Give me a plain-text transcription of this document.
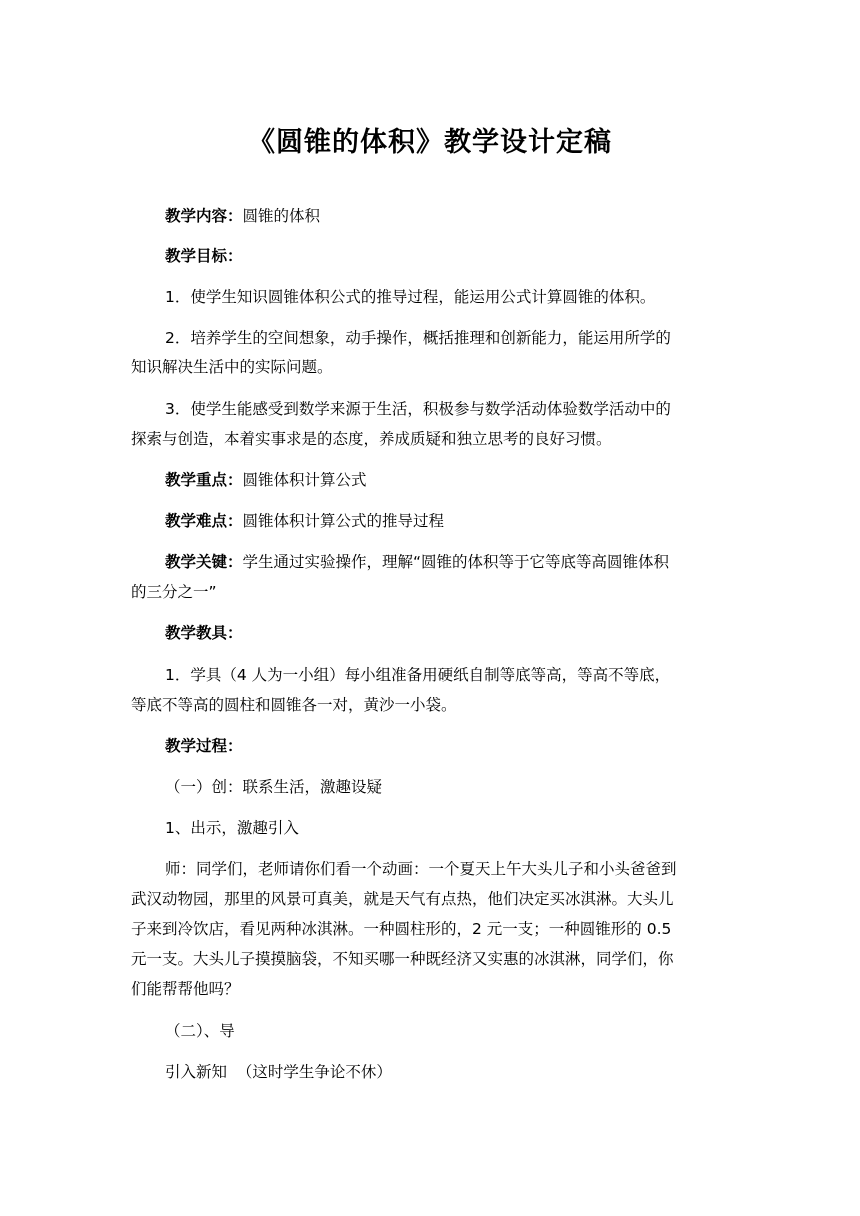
《圆锥的体积》教学设计定稿
教学内容：圆锥的体积
教学目标：
1．使学生知识圆锥体积公式的推导过程，能运用公式计算圆锥的体积。
2．培养学生的空间想象，动手操作，概括推理和创新能力，能运用所学的
知识解决生活中的实际问题。
3．使学生能感受到数学来源于生活，积极参与数学活动体验数学活动中的
探索与创造，本着实事求是的态度，养成质疑和独立思考的良好习惯。
教学重点：圆锥体积计算公式
教学难点：圆锥体积计算公式的推导过程
教学关键：学生通过实验操作，理解“圆锥的体积等于它等底等高圆锥体积
的三分之一”
教学教具：
1．学具（4 人为一小组）每小组准备用硬纸自制等底等高，等高不等底，
等底不等高的圆柱和圆锥各一对，黄沙一小袋。
教学过程：
（一）创：联系生活，激趣设疑
1、出示，激趣引入
师：同学们，老师请你们看一个动画：一个夏天上午大头儿子和小头爸爸到
武汉动物园，那里的风景可真美，就是天气有点热，他们决定买冰淇淋。大头儿
子来到冷饮店，看见两种冰淇淋。一种圆柱形的，2 元一支；一种圆锥形的 0.5
元一支。大头儿子摸摸脑袋，不知买哪一种既经济又实惠的冰淇淋，同学们，你
们能帮帮他吗？
（二）、导
引入新知  （这时学生争论不休）
